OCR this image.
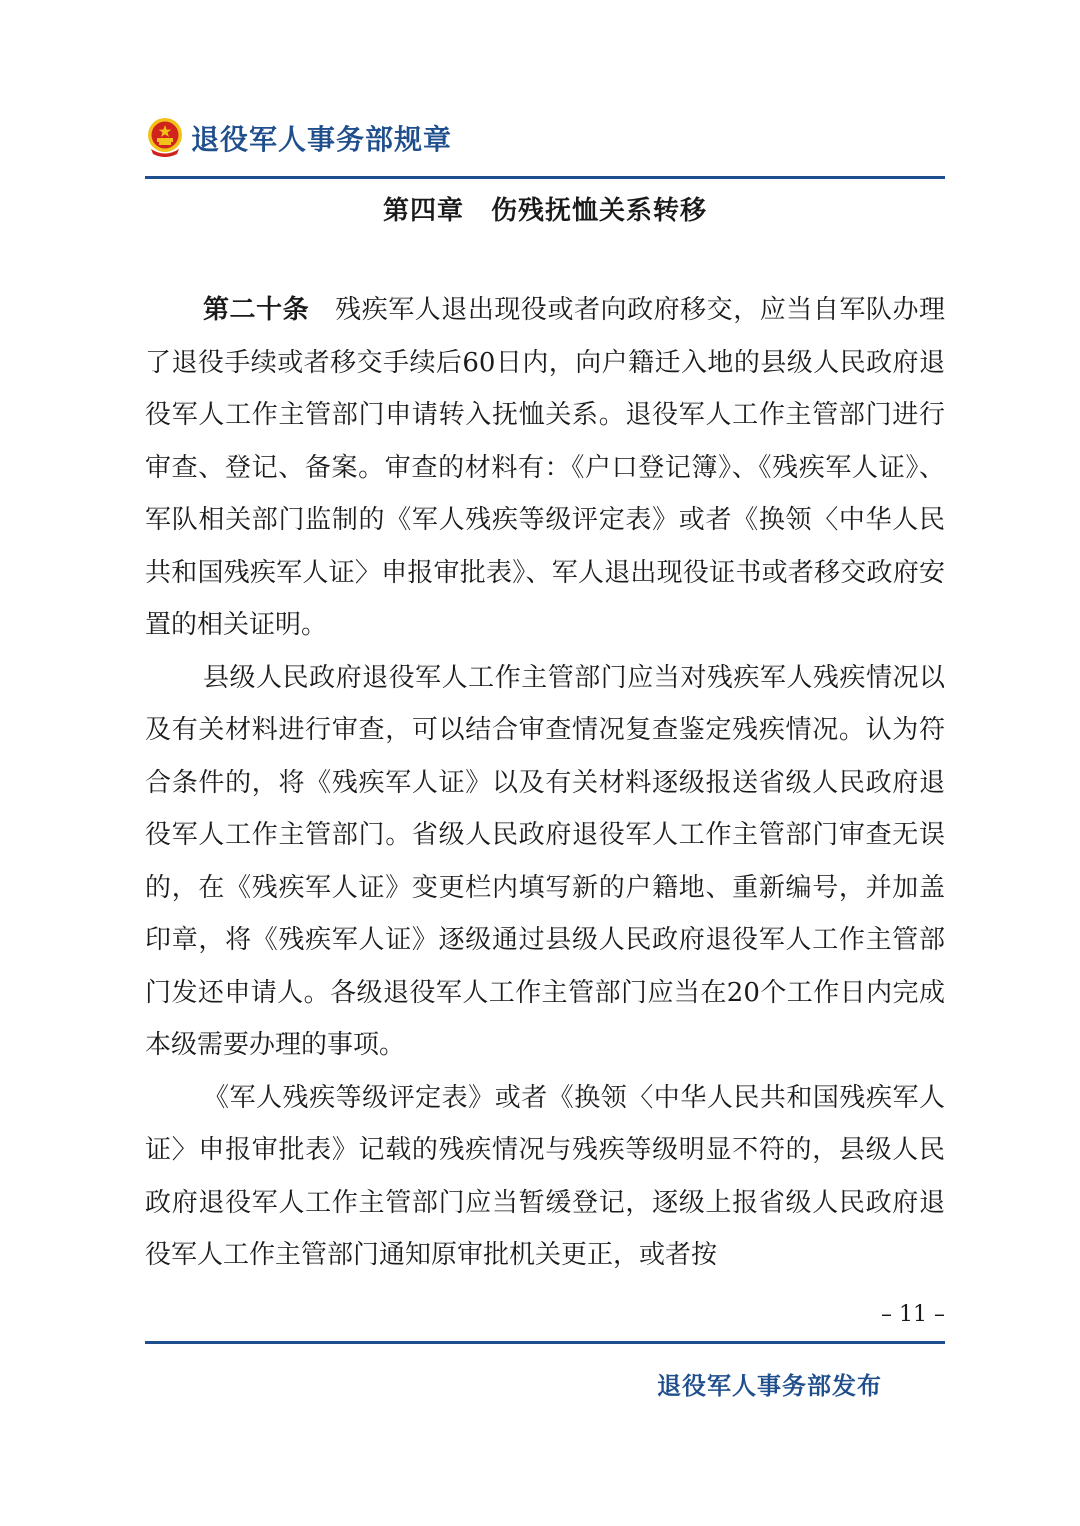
退役军人事务部规章
第四章　伤残抚恤关系转移

第二十条 残疾军人退出现役或者向政府移交，应当自军队办理了退役手续或者移交手续后60日内，向户籍迁入地的县级人民政府退役军人工作主管部门申请转入抚恤关系。退役军人工作主管部门进行审查、登记、备案。审查的材料有：《户口登记簿》、《残疾军人证》、军队相关部门监制的《军人残疾等级评定表》或者《换领〈中华人民共和国残疾军人证〉申报审批表》、军人退出现役证书或者移交政府安置的相关证明。

县级人民政府退役军人工作主管部门应当对残疾军人残疾情况以及有关材料进行审查，可以结合审查情况复查鉴定残疾情况。认为符合条件的，将《残疾军人证》以及有关材料逐级报送省级人民政府退役军人工作主管部门。省级人民政府退役军人工作主管部门审查无误的，在《残疾军人证》变更栏内填写新的户籍地、重新编号，并加盖印章，将《残疾军人证》逐级通过县级人民政府退役军人工作主管部门发还申请人。各级退役军人工作主管部门应当在20个工作日内完成本级需要办理的事项。

《军人残疾等级评定表》或者《换领〈中华人民共和国残疾军人证〉申报审批表》记载的残疾情况与残疾等级明显不符的，县级人民政府退役军人工作主管部门应当暂缓登记，逐级上报省级人民政府退役军人工作主管部门通知原审批机关更正，或者按

– 11 –
退役军人事务部发布
